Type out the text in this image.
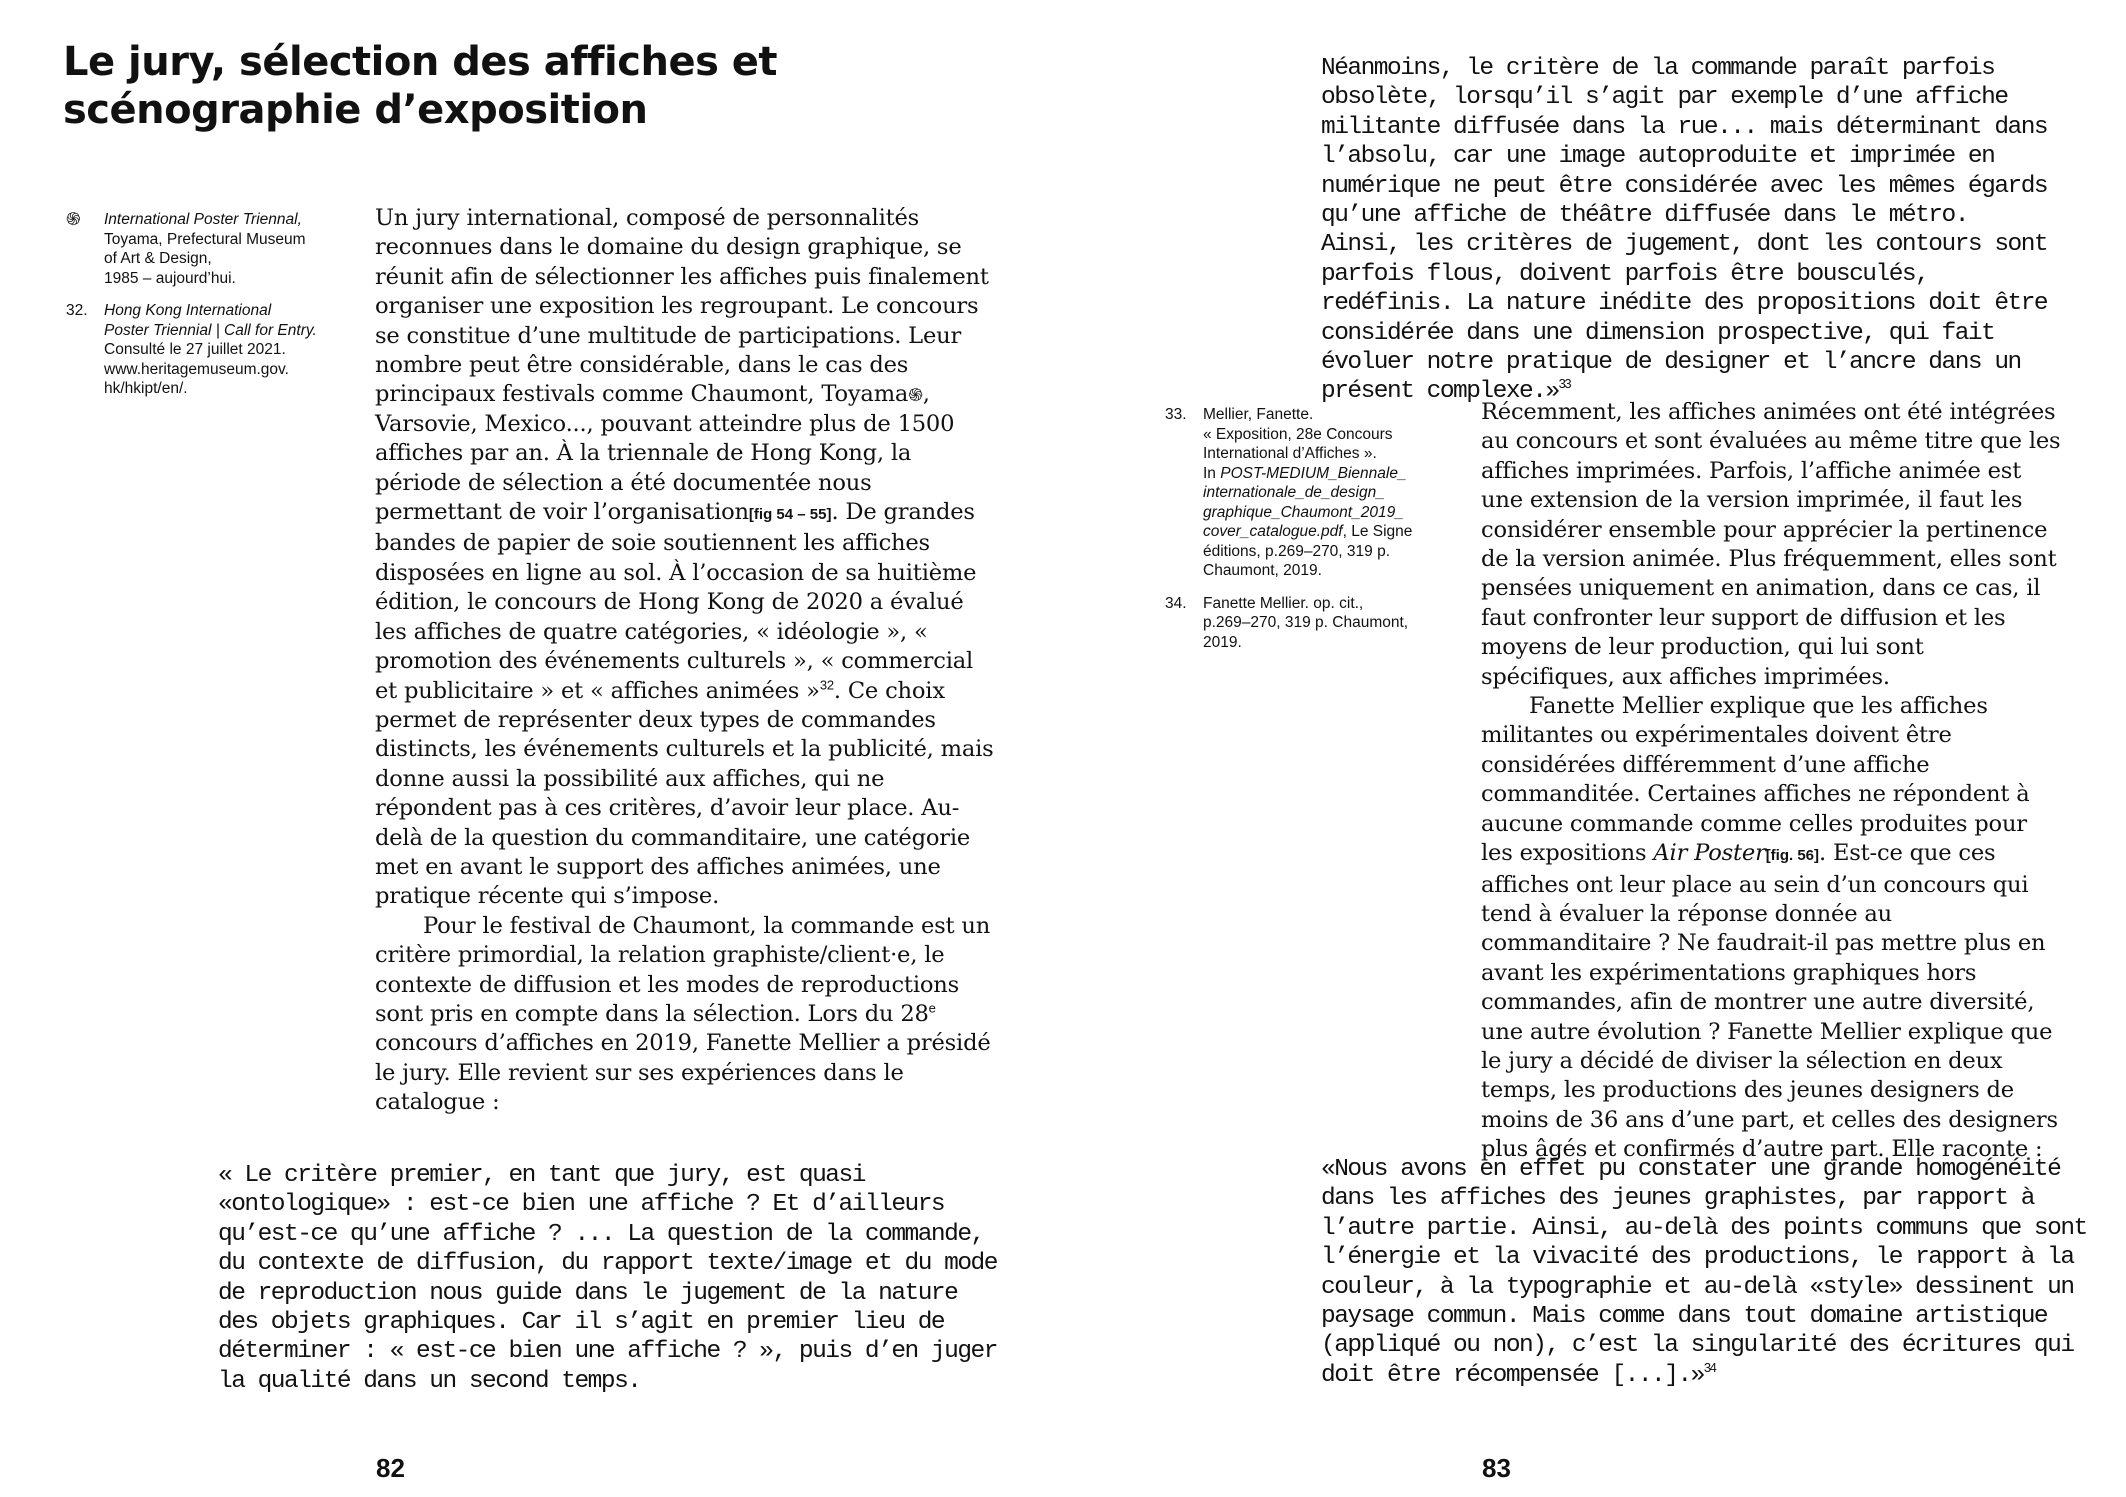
Le jury, sélection des affiches et
scénographie d’exposition
֍ International Poster Triennal,
Toyama, Prefectural Museum
of Art & Design,
1985 – aujourd’hui.

32. Hong Kong International
Poster Triennial | Call for Entry.
Consulté le 27 juillet 2021.
www.heritagemuseum.gov.
hk/hkipt/en/.

Un jury international, composé de personnalités reconnues dans le domaine du design graphique, se réunit afin de sélectionner les affiches puis finalement organiser une exposition les regroupant. Le concours se constitue d’une multitude de participations. Leur nombre peut être considérable, dans le cas des principaux festivals comme Chaumont, Toyama֍, Varsovie, Mexico..., pouvant atteindre plus de 1500 affiches par an. À la triennale de Hong Kong, la période de sélection a été documentée nous permettant de voir l’organisation[fig 54 – 55]. De grandes bandes de papier de soie soutiennent les affiches disposées en ligne au sol. À l’occasion de sa huitième édition, le concours de Hong Kong de 2020 a évalué les affiches de quatre catégories, « idéologie », « promotion des événements culturels », « commercial et publicitaire » et « affiches animées »$^{32}$. Ce choix permet de représenter deux types de commandes distincts, les événements culturels et la publicité, mais donne aussi la possibilité aux affiches, qui ne répondent pas à ces critères, d’avoir leur place. Au-delà de la question du commanditaire, une catégorie met en avant le support des affiches animées, une pratique récente qui s’impose.

Pour le festival de Chaumont, la commande est un critère primordial, la relation graphiste/client·e, le contexte de diffusion et les modes de reproductions sont pris en compte dans la sélection. Lors du 28e concours d’affiches en 2019, Fanette Mellier a présidé le jury. Elle revient sur ses expériences dans le catalogue :

« Le critère premier, en tant que jury, est quasi «ontologique» : est-ce bien une affiche ? Et d’ailleurs qu’est-ce qu’une affiche ? ... La question de la commande, du contexte de diffusion, du rapport texte/image et du mode de reproduction nous guide dans le jugement de la nature des objets graphiques. Car il s’agit en premier lieu de déterminer : « est-ce bien une affiche ? », puis d’en juger la qualité dans un second temps.

82

Néanmoins, le critère de la commande paraît parfois obsolète, lorsqu’il s’agit par exemple d’une affiche militante diffusée dans la rue... mais déterminant dans l’absolu, car une image autoproduite et imprimée en numérique ne peut être considérée avec les mêmes égards qu’une affiche de théâtre diffusée dans le métro. Ainsi, les critères de jugement, dont les contours sont parfois flous, doivent parfois être bousculés, redéfinis. La nature inédite des propositions doit être considérée dans une dimension prospective, qui fait évoluer notre pratique de designer et l’ancre dans un présent complexe.»$^{33}$

33. Mellier, Fanette.
« Exposition, 28e Concours
International d’Affiches ».
In POST-MEDIUM_Biennale_
internationale_de_design_
graphique_Chaumont_2019_
cover_catalogue.pdf, Le Signe
éditions, p.269–270, 319 p.
Chaumont, 2019.

34. Fanette Mellier. op. cit.,
p.269–270, 319 p. Chaumont,
2019.

Récemment, les affiches animées ont été intégrées au concours et sont évaluées au même titre que les affiches imprimées. Parfois, l’affiche animée est une extension de la version imprimée, il faut les considérer ensemble pour apprécier la pertinence de la version animée. Plus fréquemment, elles sont pensées uniquement en animation, dans ce cas, il faut confronter leur support de diffusion et les moyens de leur production, qui lui sont spécifiques, aux affiches imprimées.

Fanette Mellier explique que les affiches militantes ou expérimentales doivent être considérées différemment d’une affiche commanditée. Certaines affiches ne répondent à aucune commande comme celles produites pour les expositions Air Poster[fig. 56]. Est-ce que ces affiches ont leur place au sein d’un concours qui tend à évaluer la réponse donnée au commanditaire ? Ne faudrait-il pas mettre plus en avant les expérimentations graphiques hors commandes, afin de montrer une autre diversité, une autre évolution ? Fanette Mellier explique que le jury a décidé de diviser la sélection en deux temps, les productions des jeunes designers de moins de 36 ans d’une part, et celles des designers plus âgés et confirmés d’autre part. Elle raconte :

«Nous avons en effet pu constater une grande homogénéité dans les affiches des jeunes graphistes, par rapport à l’autre partie. Ainsi, au-delà des points communs que sont l’énergie et la vivacité des productions, le rapport à la couleur, à la typographie et au-delà «style» dessinent un paysage commun. Mais comme dans tout domaine artistique (appliqué ou non), c’est la singularité des écritures qui doit être récompensée [...].»$^{34}$

83
